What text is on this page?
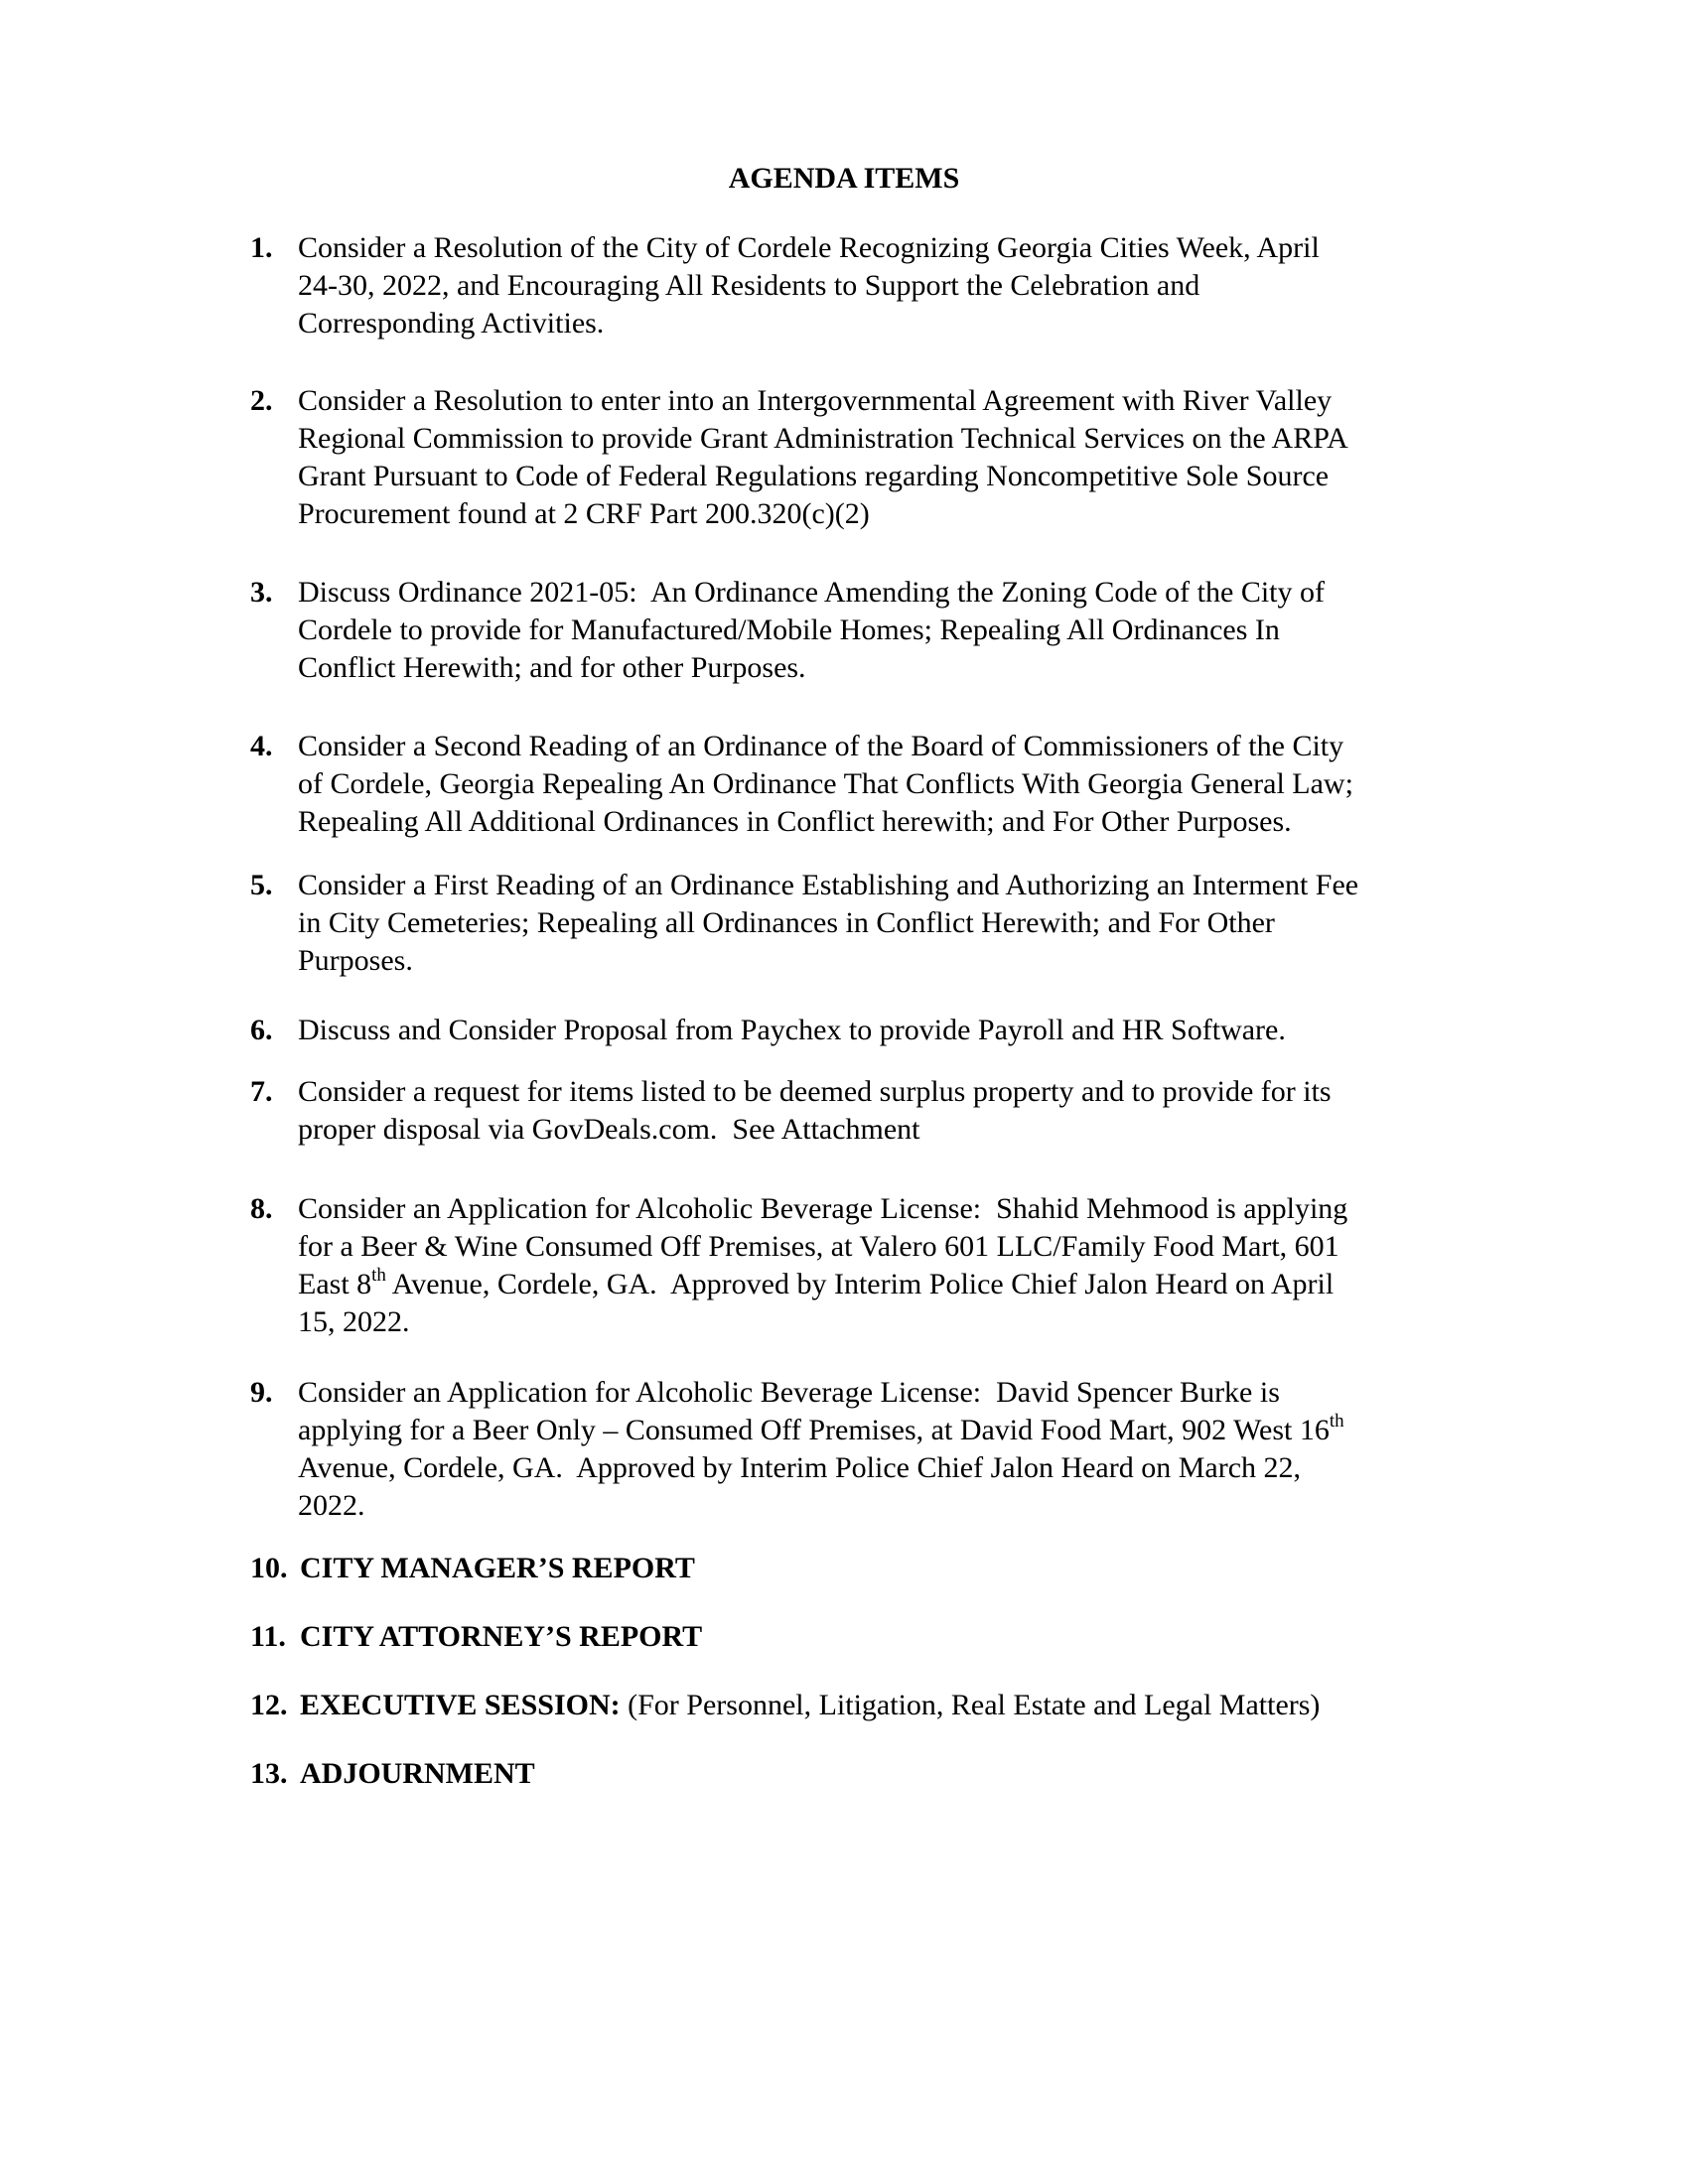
AGENDA ITEMS
1. Consider a Resolution of the City of Cordele Recognizing Georgia Cities Week, April
24-30, 2022, and Encouraging All Residents to Support the Celebration and
Corresponding Activities.
2. Consider a Resolution to enter into an Intergovernmental Agreement with River Valley
Regional Commission to provide Grant Administration Technical Services on the ARPA
Grant Pursuant to Code of Federal Regulations regarding Noncompetitive Sole Source
Procurement found at 2 CRF Part 200.320(c)(2)
3. Discuss Ordinance 2021-05:  An Ordinance Amending the Zoning Code of the City of
Cordele to provide for Manufactured/Mobile Homes; Repealing All Ordinances In
Conflict Herewith; and for other Purposes.
4. Consider a Second Reading of an Ordinance of the Board of Commissioners of the City
of Cordele, Georgia Repealing An Ordinance That Conflicts With Georgia General Law;
Repealing All Additional Ordinances in Conflict herewith; and For Other Purposes.
5. Consider a First Reading of an Ordinance Establishing and Authorizing an Interment Fee
in City Cemeteries; Repealing all Ordinances in Conflict Herewith; and For Other
Purposes.
6. Discuss and Consider Proposal from Paychex to provide Payroll and HR Software.
7. Consider a request for items listed to be deemed surplus property and to provide for its
proper disposal via GovDeals.com.  See Attachment
8. Consider an Application for Alcoholic Beverage License:  Shahid Mehmood is applying
for a Beer & Wine Consumed Off Premises, at Valero 601 LLC/Family Food Mart, 601
East 8th Avenue, Cordele, GA.  Approved by Interim Police Chief Jalon Heard on April
15, 2022.
9. Consider an Application for Alcoholic Beverage License:  David Spencer Burke is
applying for a Beer Only – Consumed Off Premises, at David Food Mart, 902 West 16th
Avenue, Cordele, GA.  Approved by Interim Police Chief Jalon Heard on March 22,
2022.
10. CITY MANAGER’S REPORT
11. CITY ATTORNEY’S REPORT
12. EXECUTIVE SESSION: (For Personnel, Litigation, Real Estate and Legal Matters)
13. ADJOURNMENT
